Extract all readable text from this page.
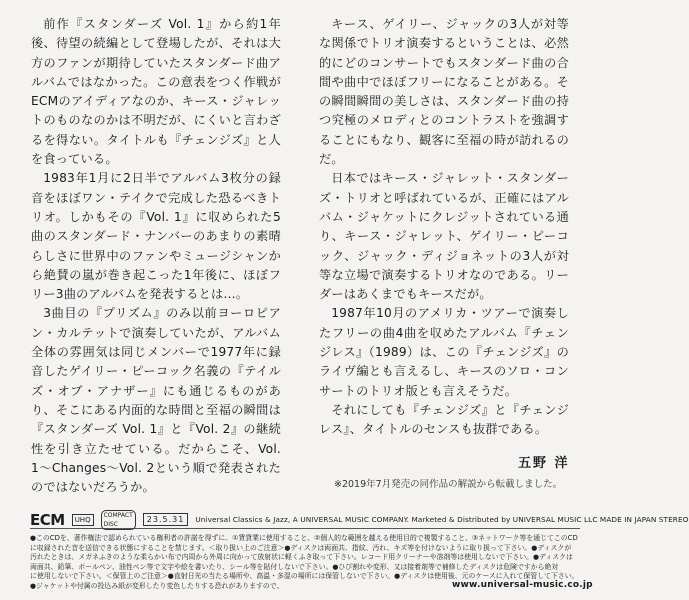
前作『スタンダーズ Vol. 1』から約1年後、待望の続編として登場したが、それは大方のファンが期待していたスタンダード曲アルバムではなかった。この意表をつく作戦がECMのアイディアなのか、キース・ジャレットのものなのかは不明だが、にくいと言わざるを得ない。タイトルも『チェンジズ』と人を食っている。

1983年1月に2日半でアルバム3枚分の録音をほぼワン・テイクで完成した恐るべきトリオ。しかもその『Vol. 1』に収められた5曲のスタンダード・ナンバーのあまりの素晴らしさに世界中のファンやミュージシャンから絶賛の嵐が巻き起こった1年後に、ほぼフリー3曲のアルバムを発表するとは…。

3曲目の『プリズム』のみ以前ヨーロピアン・カルテットで演奏していたが、アルバム全体の雰囲気は同じメンバーで1977年に録音したゲイリー・ピーコック名義の『テイルズ・オブ・アナザー』にも通じるものがあり、そこにある内面的な時間と至福の瞬間は『スタンダーズ Vol. 1』と『Vol. 2』の継続性を引き立たせている。だからこそ、Vol. 1〜Changes〜Vol. 2という順で発表されたのではないだろうか。

キース、ゲイリー、ジャックの3人が対等な関係でトリオ演奏するということは、必然的にどのコンサートでもスタンダード曲の合間や曲中でほぼフリーになることがある。その瞬間瞬間の美しさは、スタンダード曲の持つ究極のメロディとのコントラストを強調することにもなり、観客に至福の時が訪れるのだ。

日本ではキース・ジャレット・スタンダーズ・トリオと呼ばれているが、正確にはアルバム・ジャケットにクレジットされている通り、キース・ジャレット、ゲイリー・ピーコック、ジャック・ディジョネットの3人が対等な立場で演奏するトリオなのである。リーダーはあくまでもキースだが。

1987年10月のアメリカ・ツアーで演奏したフリーの曲4曲を収めたアルバム『チェンジレス』（1989）は、この『チェンジズ』のライヴ編とも言えるし、キースのソロ・コンサートのトリオ版とも言えそうだ。

それにしても『チェンジズ』と『チェンジレス』、タイトルのセンスも抜群である。

五野 洋
※2019年7月発売の同作品の解説から転載しました。
ECM	UHQ
COMPACT DISC	23.5.31	Universal Classics & Jazz, A UNIVERSAL MUSIC COMPANY. Marketed & Distributed by UNIVERSAL MUSIC LLC MADE IN JAPAN STEREO

●このCDを、著作権法で認められている権利者の許諾を得ずに、①賃貸業に使用すること、②個人的な範囲を越える使用目的で複製すること、③ネットワーク等を通じてこのCD

に収録された音を送信できる状態にすることを禁じます。＜取り扱い上のご注意＞●ディスクは両面共、指紋、汚れ、キズ等を付けないように取り扱って下さい。●ディスクが

汚れたときは、メガネふきのような柔らかい布で内周から外周に向かって放射状に軽くふき取って下さい。レコード用クリーナーや溶剤等は使用しないで下さい。●ディスクは

両面共、鉛筆、ボールペン、油性ペン等で文字や絵を書いたり、シール等を貼付しないで下さい。●ひび割れや変形、又は接着剤等で補修したディスクは危険ですから絶対

に使用しないで下さい。＜保管上のご注意＞●直射日光の当たる場所や、高温・多湿の場所には保管しないで下さい。●ディスクは使用後、元のケースに入れて保管して下さい。

●ジャケットや付属の投込み紙が変形したり変色したりする恐れがありますので、	www.universal-music.co.jp
